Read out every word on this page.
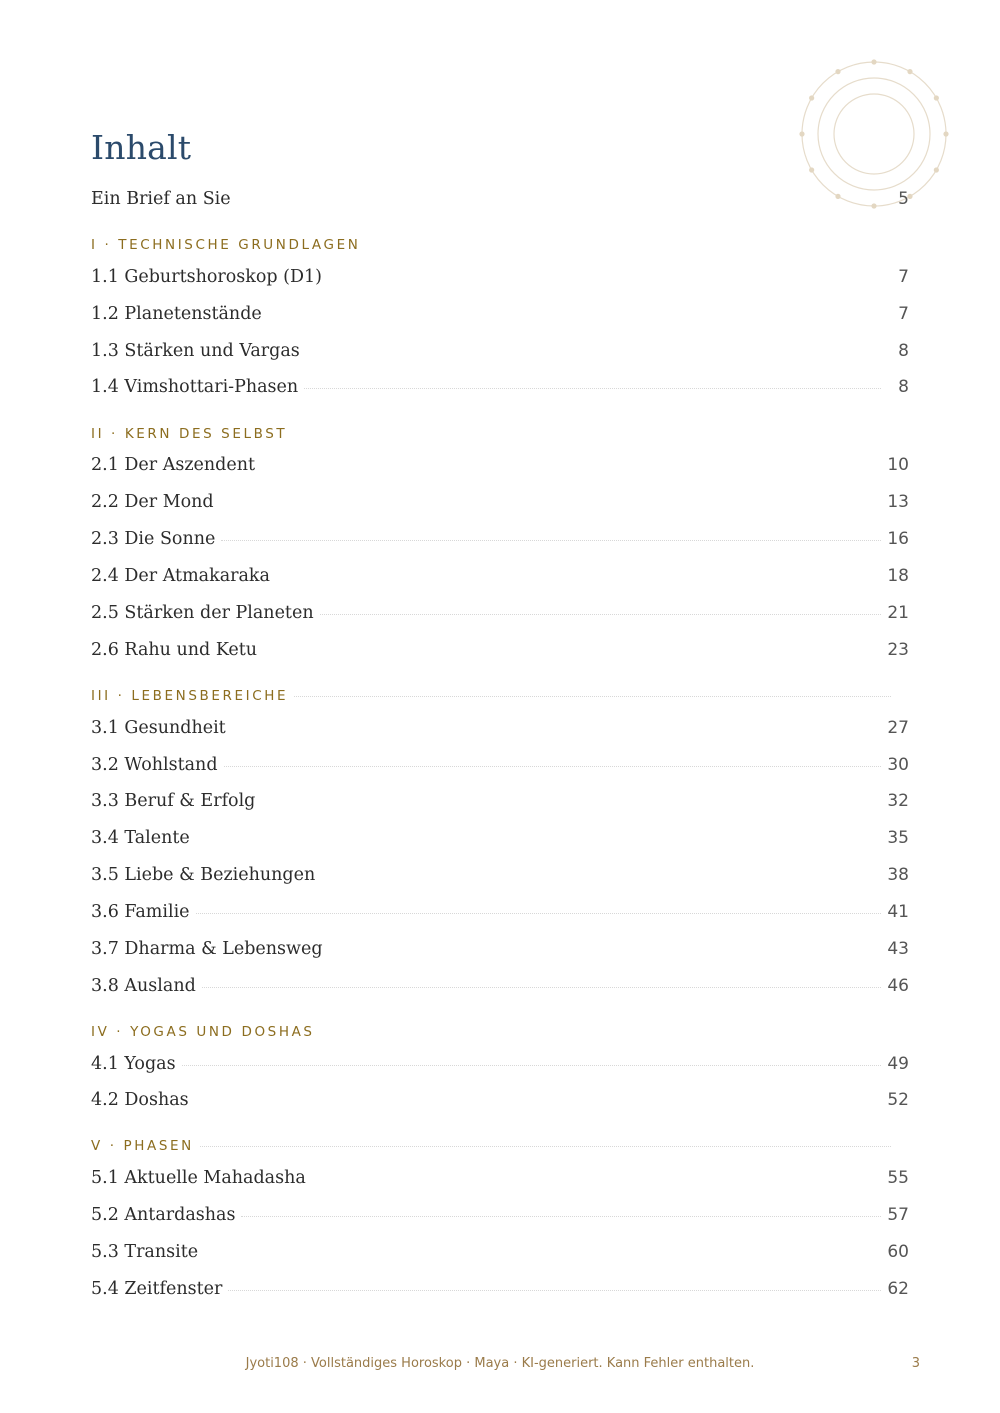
Inhalt
Ein Brief an Sie	5
I · TECHNISCHE GRUNDLAGEN
1.1 Geburtshoroskop (D1)	7
1.2 Planetenstände	7
1.3 Stärken und Vargas	8
1.4 Vimshottari-Phasen	8
II · KERN DES SELBST
2.1 Der Aszendent	10
2.2 Der Mond	13
2.3 Die Sonne	16
2.4 Der Atmakaraka	18
2.5 Stärken der Planeten	21
2.6 Rahu und Ketu	23
III · LEBENSBEREICHE
3.1 Gesundheit	27
3.2 Wohlstand	30
3.3 Beruf & Erfolg	32
3.4 Talente	35
3.5 Liebe & Beziehungen	38
3.6 Familie	41
3.7 Dharma & Lebensweg	43
3.8 Ausland	46
IV · YOGAS UND DOSHAS
4.1 Yogas	49
4.2 Doshas	52
V · PHASEN
5.1 Aktuelle Mahadasha	55
5.2 Antardashas	57
5.3 Transite	60
5.4 Zeitfenster	62
Jyoti108 · Vollständiges Horoskop · Maya · KI-generiert. Kann Fehler enthalten.	3
